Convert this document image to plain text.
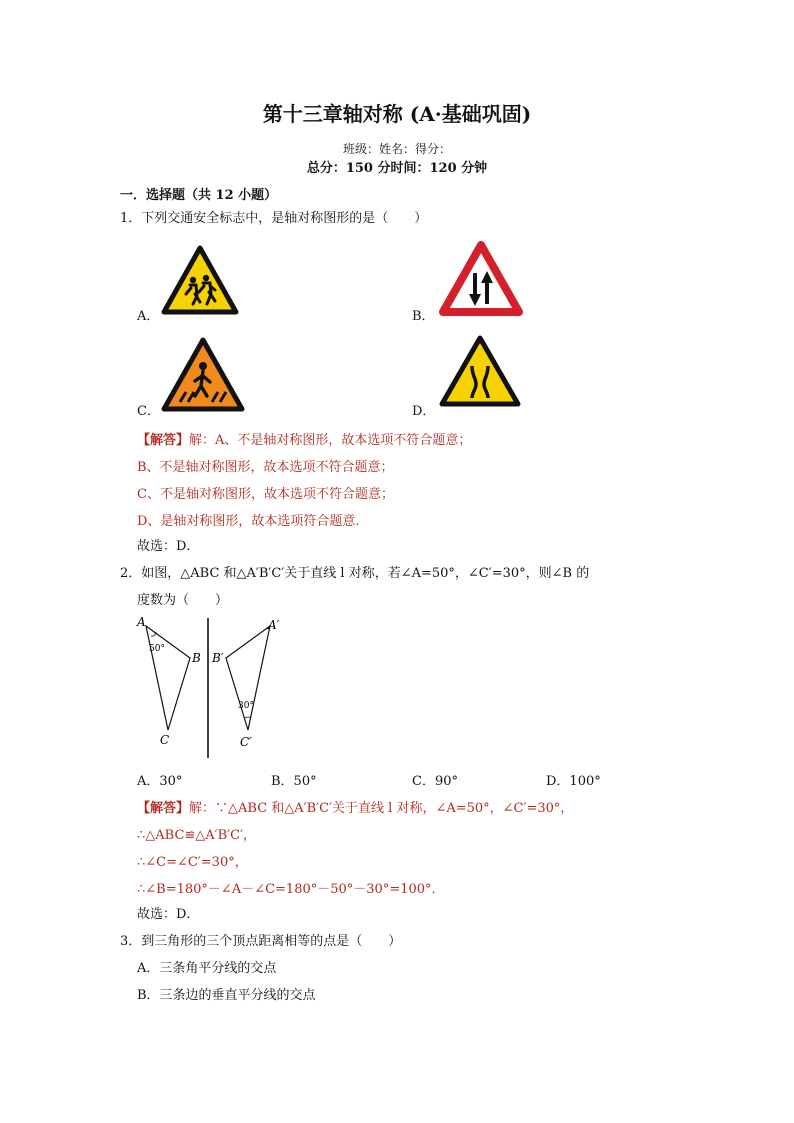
第十三章轴对称 (A·基础巩固)
班级：姓名：得分：
总分：150 分时间：120 分钟
一．选择题（共 12 小题）
1．下列交通安全标志中，是轴对称图形的是（　　）
A．	B．
C．	D．
【解答】解：A、不是轴对称图形，故本选项不符合题意；
B、不是轴对称图形，故本选项不符合题意；
C、不是轴对称图形，故本选项不符合题意；
D、是轴对称图形，故本选项符合题意．
故选：D．
2．如图，△ABC 和△A′B′C′关于直线 l 对称，若∠A=50°，∠C′=30°，则∠B 的
度数为（　　）
A
B
C
50°
A′
B′
C′
30°
A．30°	B．50°	C．90°	D．100°
【解答】解：∵△ABC 和△A′B′C′关于直线 l 对称，∠A=50°，∠C′=30°，
∴△ABC≌△A′B′C′，
∴∠C=∠C′=30°，
∴∠B=180°－∠A－∠C=180°－50°－30°=100°．
故选：D．
3．到三角形的三个顶点距离相等的点是（　　）
A．三条角平分线的交点
B．三条边的垂直平分线的交点
